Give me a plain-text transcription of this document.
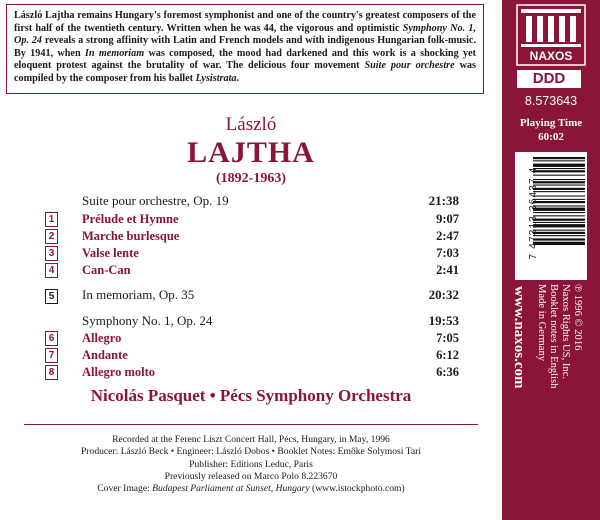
László Lajtha remains Hungary's foremost symphonist and one of the country's greatest composers of the first half of the twentieth century. Written when he was 44, the vigorous and optimistic Symphony No. 1, Op. 24 reveals a strong affinity with Latin and French models and with indigenous Hungarian folk-music. By 1941, when In memoriam was composed, the mood had darkened and this work is a shocking yet eloquent protest against the brutality of war. The delicious four movement Suite pour orchestre was compiled by the composer from his ballet Lysistrata.
László
LAJTHA
(1892-1963)
Suite pour orchestre, Op. 19	21:38
1 Prélude et Hymne	9:07
2 Marche burlesque	2:47
3 Valse lente	7:03
4 Can-Can	2:41
5 In memoriam, Op. 35	20:32
Symphony No. 1, Op. 24	19:53
6 Allegro	7:05
7 Andante	6:12
8 Allegro molto	6:36
Nicolás Pasquet • Pécs Symphony Orchestra
Recorded at the Ferenc Liszt Concert Hall, Pécs, Hungary, in May, 1996
Producer: László Beck • Engineer: László Dobos • Booklet Notes: Emőke Solymosi Tari
Publisher: Editions Leduc, Paris
Previously released on Marco Polo 8.223670
Cover Image: Budapest Parliament at Sunset, Hungary (www.istockphoto.com)
NAXOS
DDD
8.573643
Playing Time
60:02
7 47313 36437 4
www.naxos.com	℗ 1996 © 2016
Naxos Rights US, Inc.
Booklet notes in English
Made in Germany
